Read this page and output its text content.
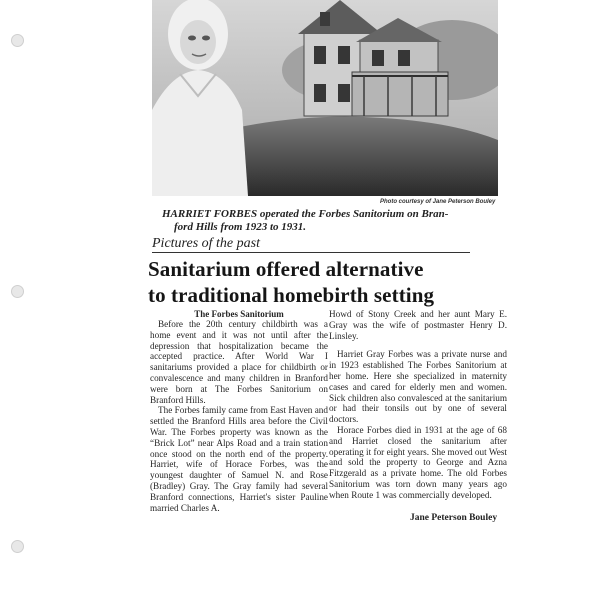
Photo courtesy of Jane Peterson Bouley
HARRIET FORBES operated the Forbes Sanitorium on Bran-
ford Hills from 1923 to 1931.
Pictures of the past
Sanitarium offered alternative
to traditional homebirth setting
The Forbes Sanitorium

Before the 20th century childbirth was a home event and it was not until after the depression that hospitalization became the accepted practice. After World War I sanitariums provided a place for childbirth or convalescence and many children in Branford were born at The Forbes Sanitorium on Branford Hills.

The Forbes family came from East Haven and settled the Branford Hills area before the Civil War. The Forbes property was known as the “Brick Lot” near Alps Road and a train station once stood on the north end of the property. Harriet, wife of Horace Forbes, was the youngest daughter of Samuel N. and Rose (Bradley) Gray. The Gray family had several Branford connections, Harriet's sister Pauline married Charles A.

Howd of Stony Creek and her aunt Mary E. Gray was the wife of postmaster Henry D. Linsley.

Harriet Gray Forbes was a private nurse and in 1923 established The Forbes Sanitorium at her home. Here she specialized in maternity cases and cared for elderly men and women. Sick children also convalesced at the sanitarium or had their tonsils out by one of several doctors.

Horace Forbes died in 1931 at the age of 68 and Harriet closed the sanitarium after operating it for eight years. She moved out West and sold the property to George and Azna Fitzgerald as a private home. The old Forbes Sanitorium was torn down many years ago when Route 1 was commercially developed.

Jane Peterson Bouley
